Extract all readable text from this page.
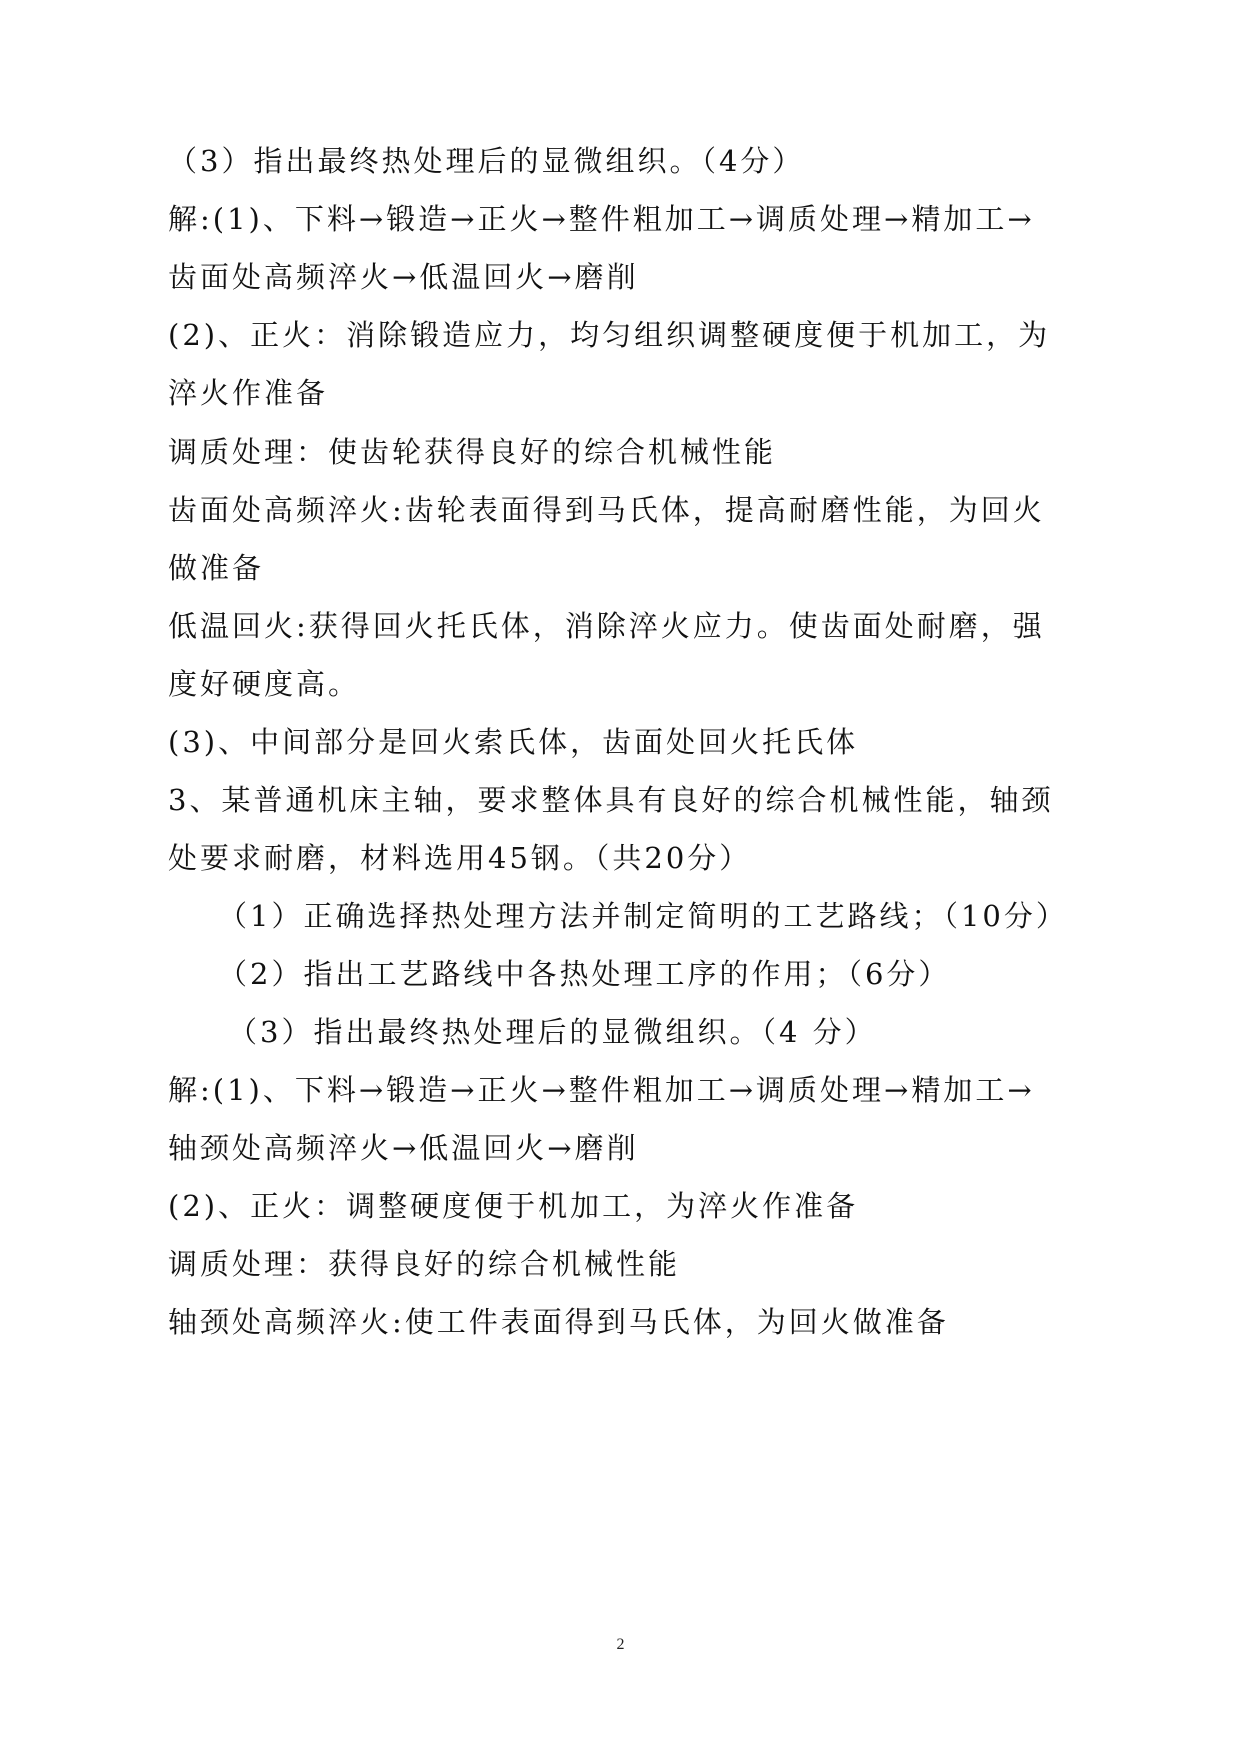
（3）指出最终热处理后的显微组织。（4分）
解:(1)、下料→锻造→正火→整件粗加工→调质处理→精加工→
齿面处高频淬火→低温回火→磨削
(2)、正火：消除锻造应力，均匀组织调整硬度便于机加工，为
淬火作准备
调质处理：使齿轮获得良好的综合机械性能
齿面处高频淬火:齿轮表面得到马氏体，提高耐磨性能，为回火
做准备
低温回火:获得回火托氏体，消除淬火应力。使齿面处耐磨，强
度好硬度高。
(3)、中间部分是回火索氏体，齿面处回火托氏体
3、某普通机床主轴，要求整体具有良好的综合机械性能，轴颈
处要求耐磨，材料选用45钢。（共20分）
（1）正确选择热处理方法并制定简明的工艺路线；（10分）
（2）指出工艺路线中各热处理工序的作用；（6分）
（3）指出最终热处理后的显微组织。（4 分）
解:(1)、下料→锻造→正火→整件粗加工→调质处理→精加工→
轴颈处高频淬火→低温回火→磨削
(2)、正火：调整硬度便于机加工，为淬火作准备
调质处理：获得良好的综合机械性能
轴颈处高频淬火:使工件表面得到马氏体，为回火做准备
2
